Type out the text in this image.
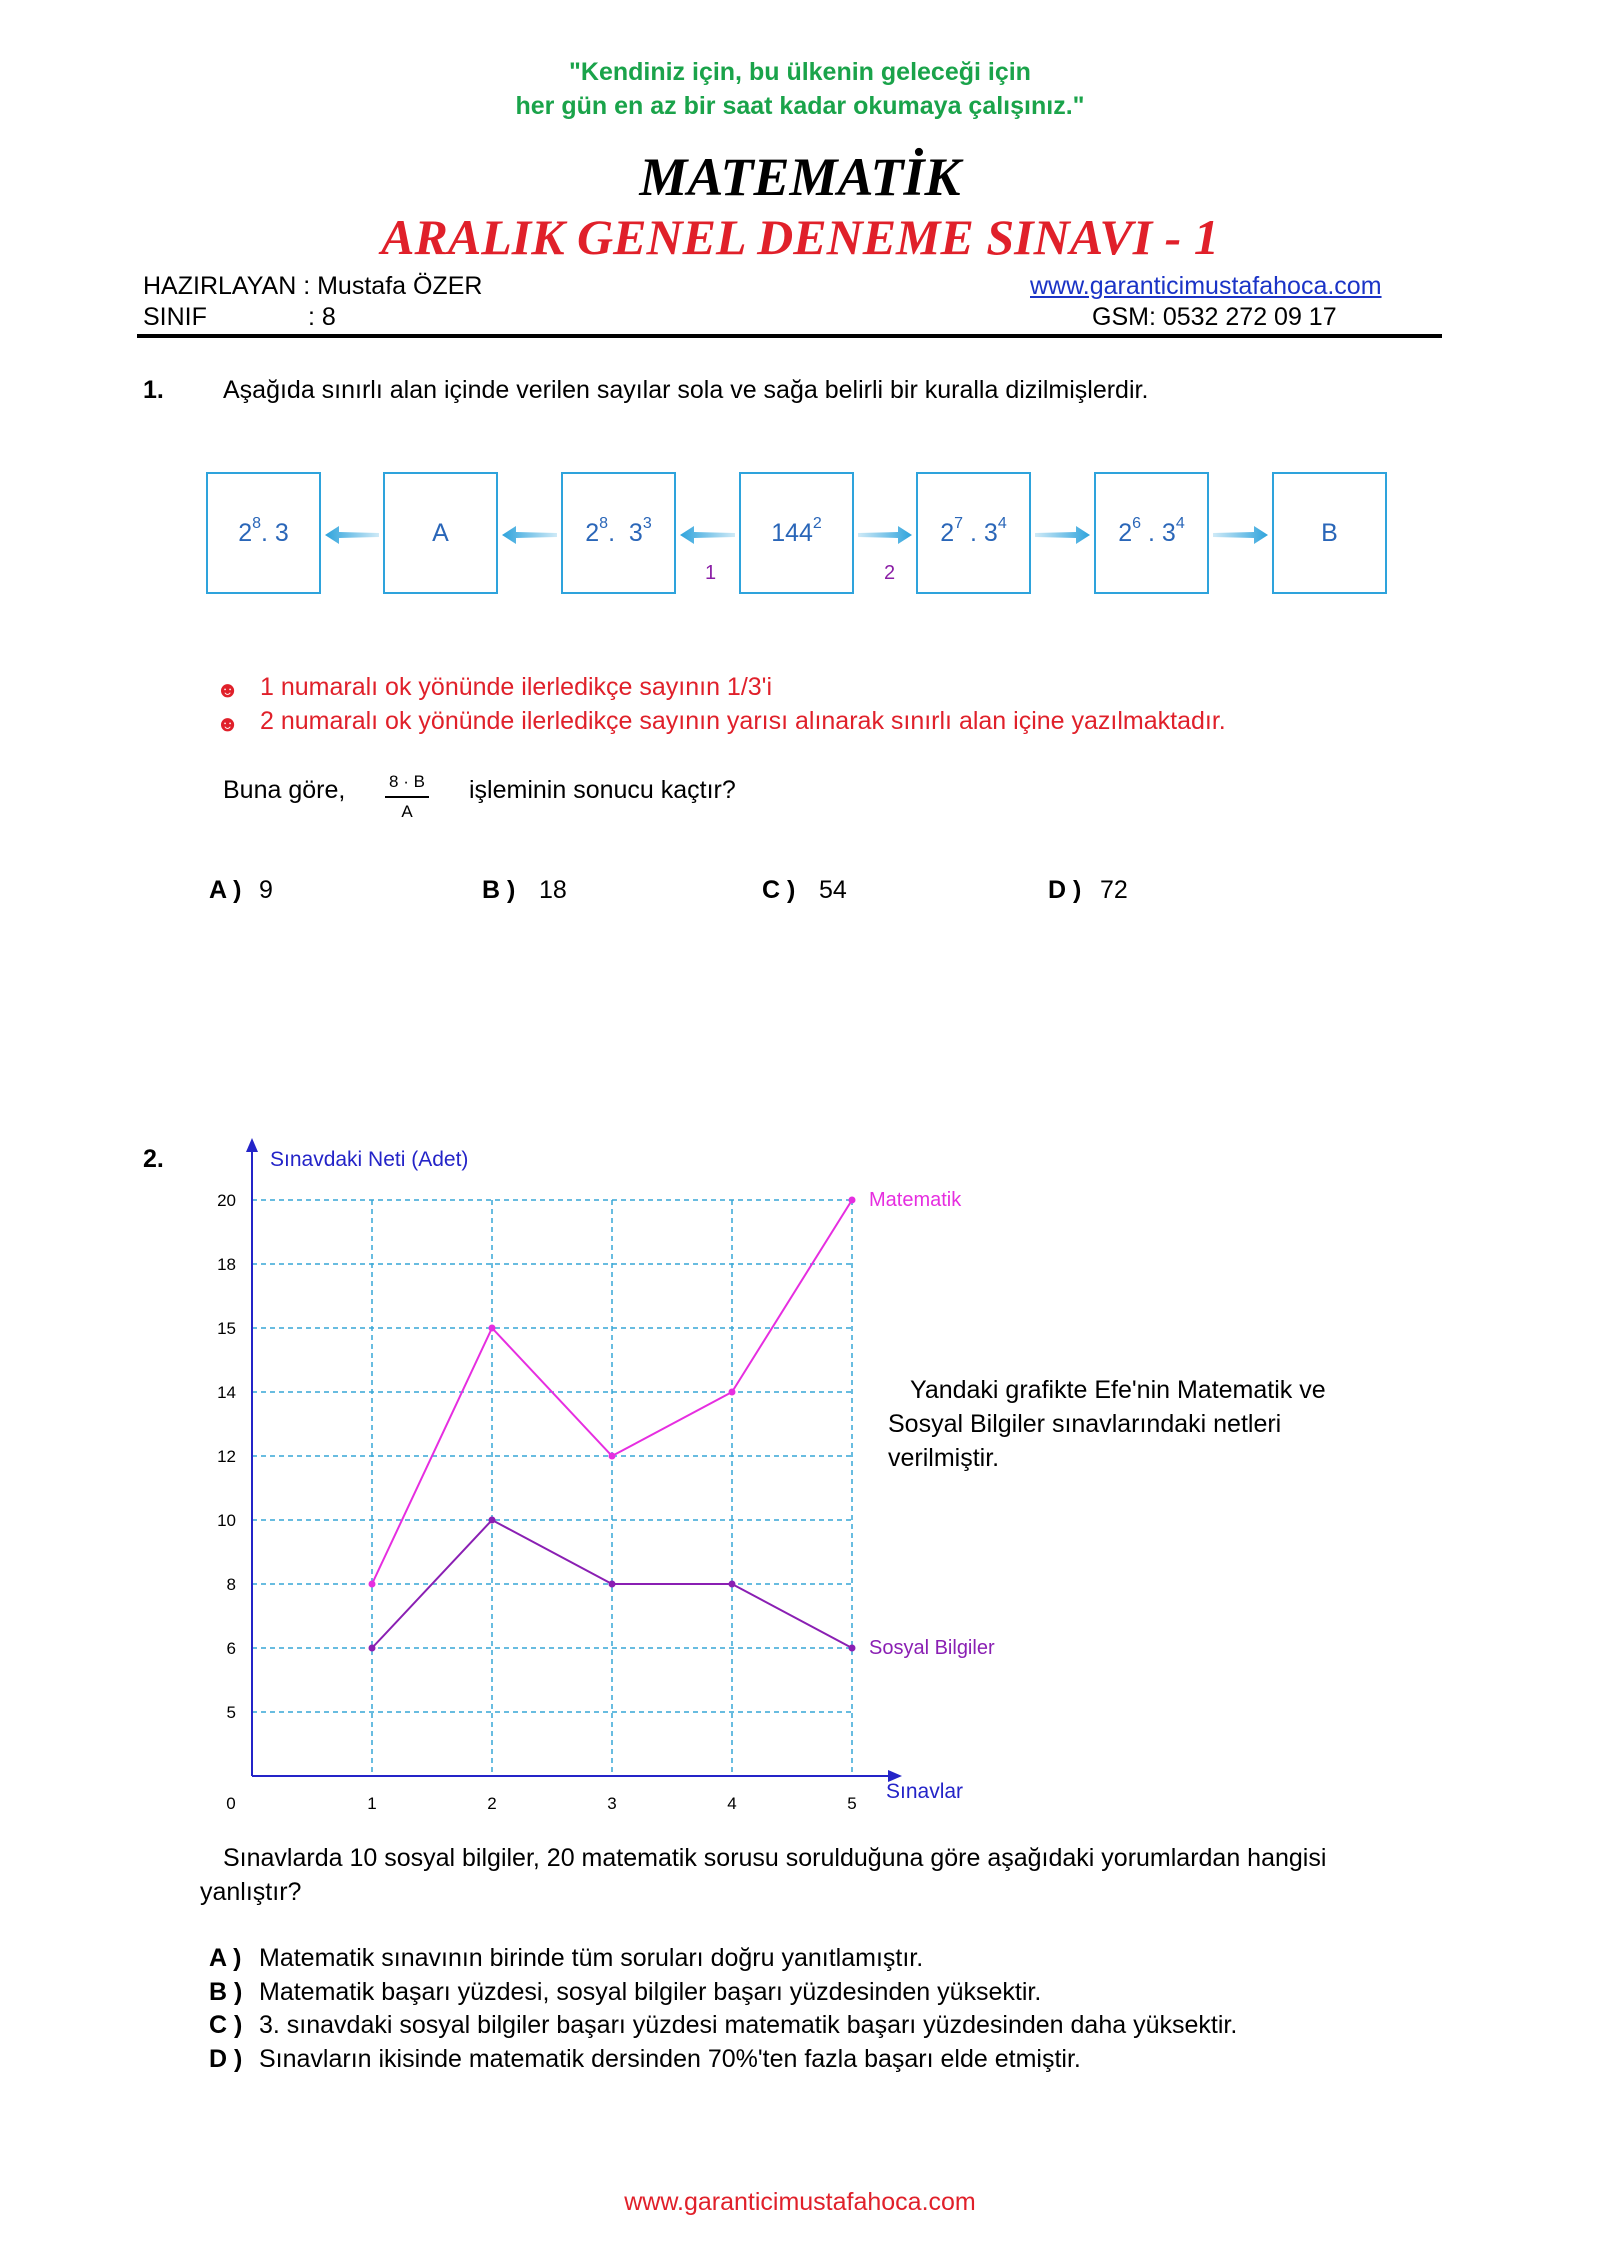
"Kendiniz için, bu ülkenin geleceği için
her gün en az bir saat kadar okumaya çalışınız."
MATEMATİK
ARALIK GENEL DENEME SINAVI - 1
HAZIRLAYAN : Mustafa ÖZER
SINIF	: 8
www.garanticimustafahoca.com
GSM: 0532 272 09 17
1. Aşağıda sınırlı alan içinde verilen sayılar sola ve sağa belirli bir kuralla dizilmişlerdir.
$2^8$ . 3	A	$2^8$ .  $3^3$	$144^2$	$2^7$ . $3^4$	$2^6$ . $3^4$	B
1	2
☻ 1 numaralı ok yönünde ilerledikçe sayının 1/3'i
☻ 2 numaralı ok yönünde ilerledikçe sayının yarısı alınarak sınırlı alan içine yazılmaktadır.
Buna göre,	8 · B
A
işleminin sonucu kaçtır?
A ) 9	B ) 18	C ) 54	D ) 72
2.
5
6
8
10
12
14
15
18
20
0	1	2	3	4	5
Sınavdaki Neti (Adet)
Sınavlar
Matematik
Sosyal Bilgiler
Yandaki grafikte Efe'nin Matematik ve
Sosyal Bilgiler sınavlarındaki netleri
verilmiştir.
Sınavlarda 10 sosyal bilgiler, 20 matematik sorusu sorulduğuna göre aşağıdaki yorumlardan hangisi
yanlıştır?
A ) Matematik sınavının birinde tüm soruları doğru yanıtlamıştır.
B ) Matematik başarı yüzdesi, sosyal bilgiler başarı yüzdesinden yüksektir.
C ) 3. sınavdaki sosyal bilgiler başarı yüzdesi matematik başarı yüzdesinden daha yüksektir.
D ) Sınavların ikisinde matematik dersinden 70%'ten fazla başarı elde etmiştir.
www.garanticimustafahoca.com
